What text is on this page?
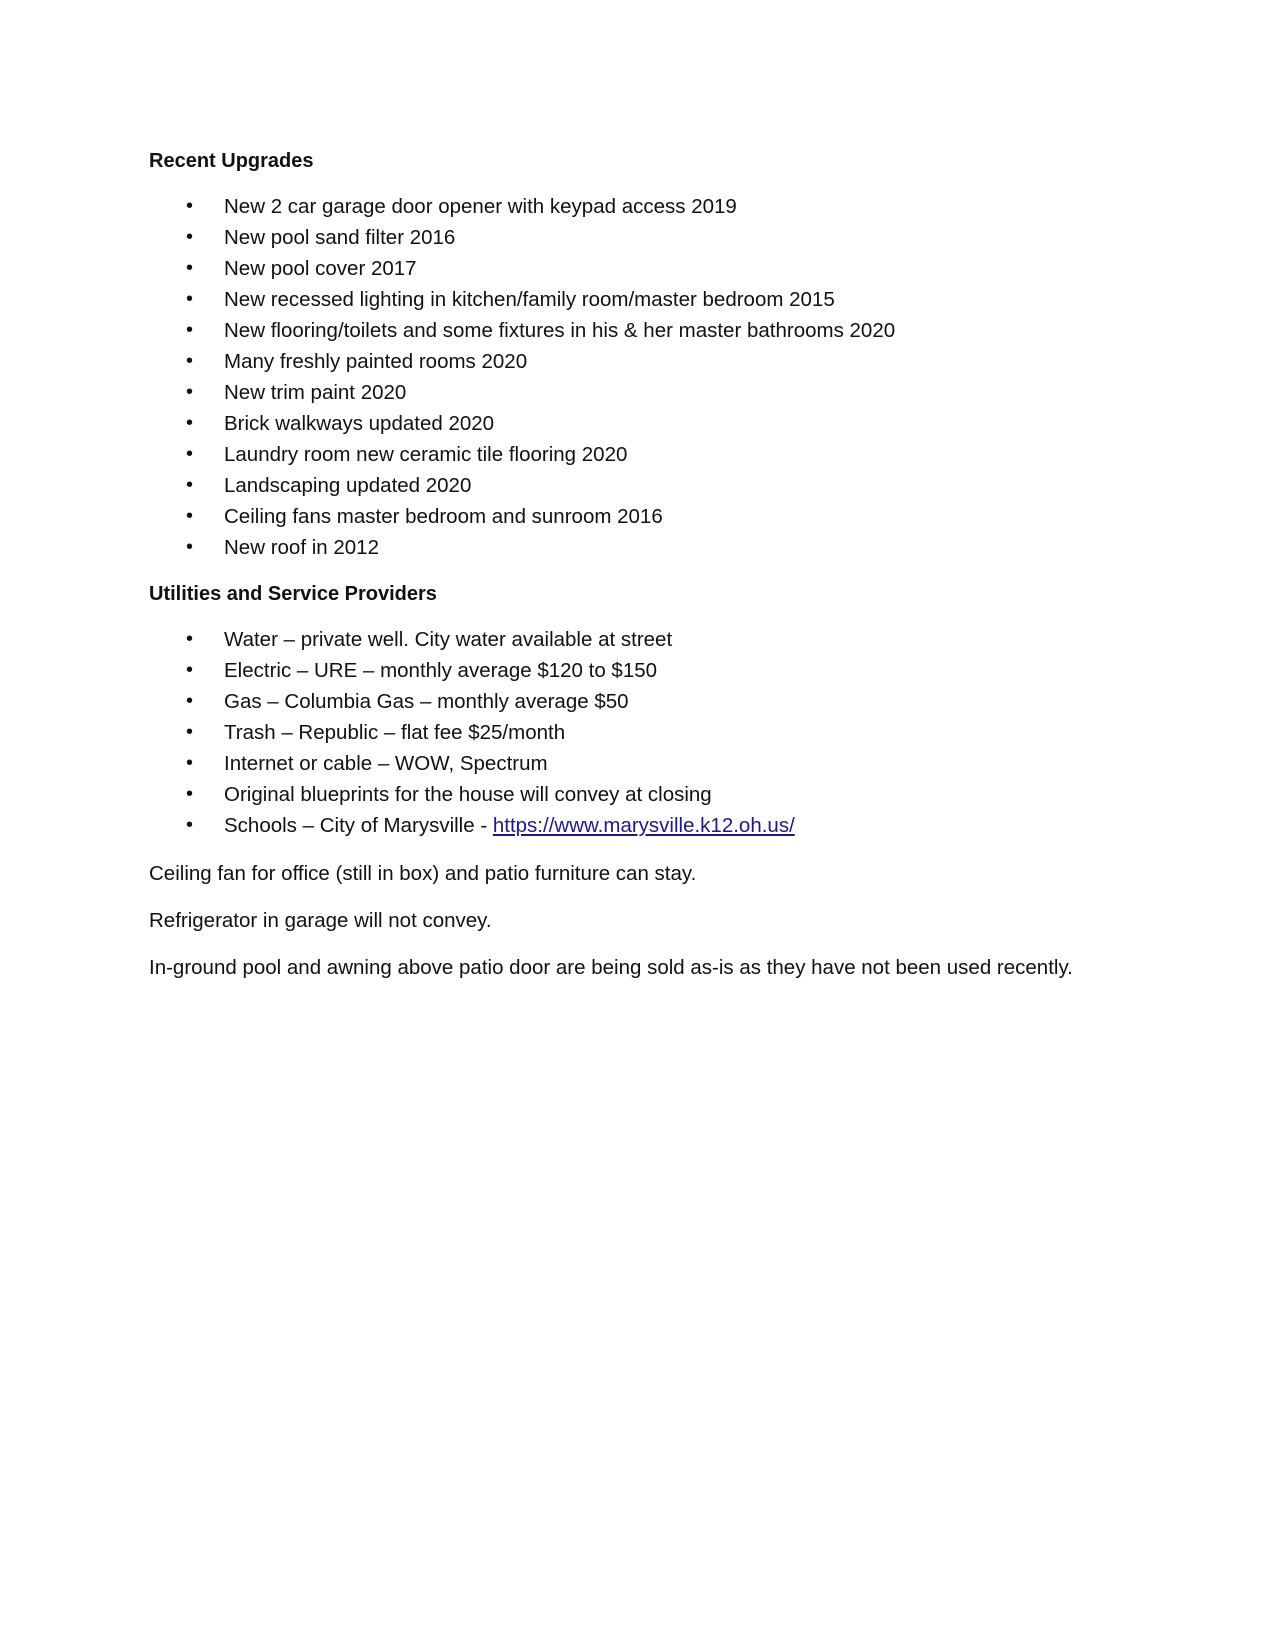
Recent Upgrades
• New 2 car garage door opener with keypad access 2019
• New pool sand filter 2016
• New pool cover 2017
• New recessed lighting in kitchen/family room/master bedroom 2015
• New flooring/toilets and some fixtures in his & her master bathrooms 2020
• Many freshly painted rooms 2020
• New trim paint 2020
• Brick walkways updated 2020
• Laundry room new ceramic tile flooring 2020
• Landscaping updated 2020
• Ceiling fans master bedroom and sunroom 2016
• New roof in 2012
Utilities and Service Providers
• Water – private well. City water available at street
• Electric – URE – monthly average $120 to $150
• Gas – Columbia Gas – monthly average $50
• Trash – Republic – flat fee $25/month
• Internet or cable – WOW, Spectrum
• Original blueprints for the house will convey at closing
• Schools – City of Marysville - https://www.marysville.k12.oh.us/
Ceiling fan for office (still in box) and patio furniture can stay.
Refrigerator in garage will not convey.
In-ground pool and awning above patio door are being sold as-is as they have not been used recently.
